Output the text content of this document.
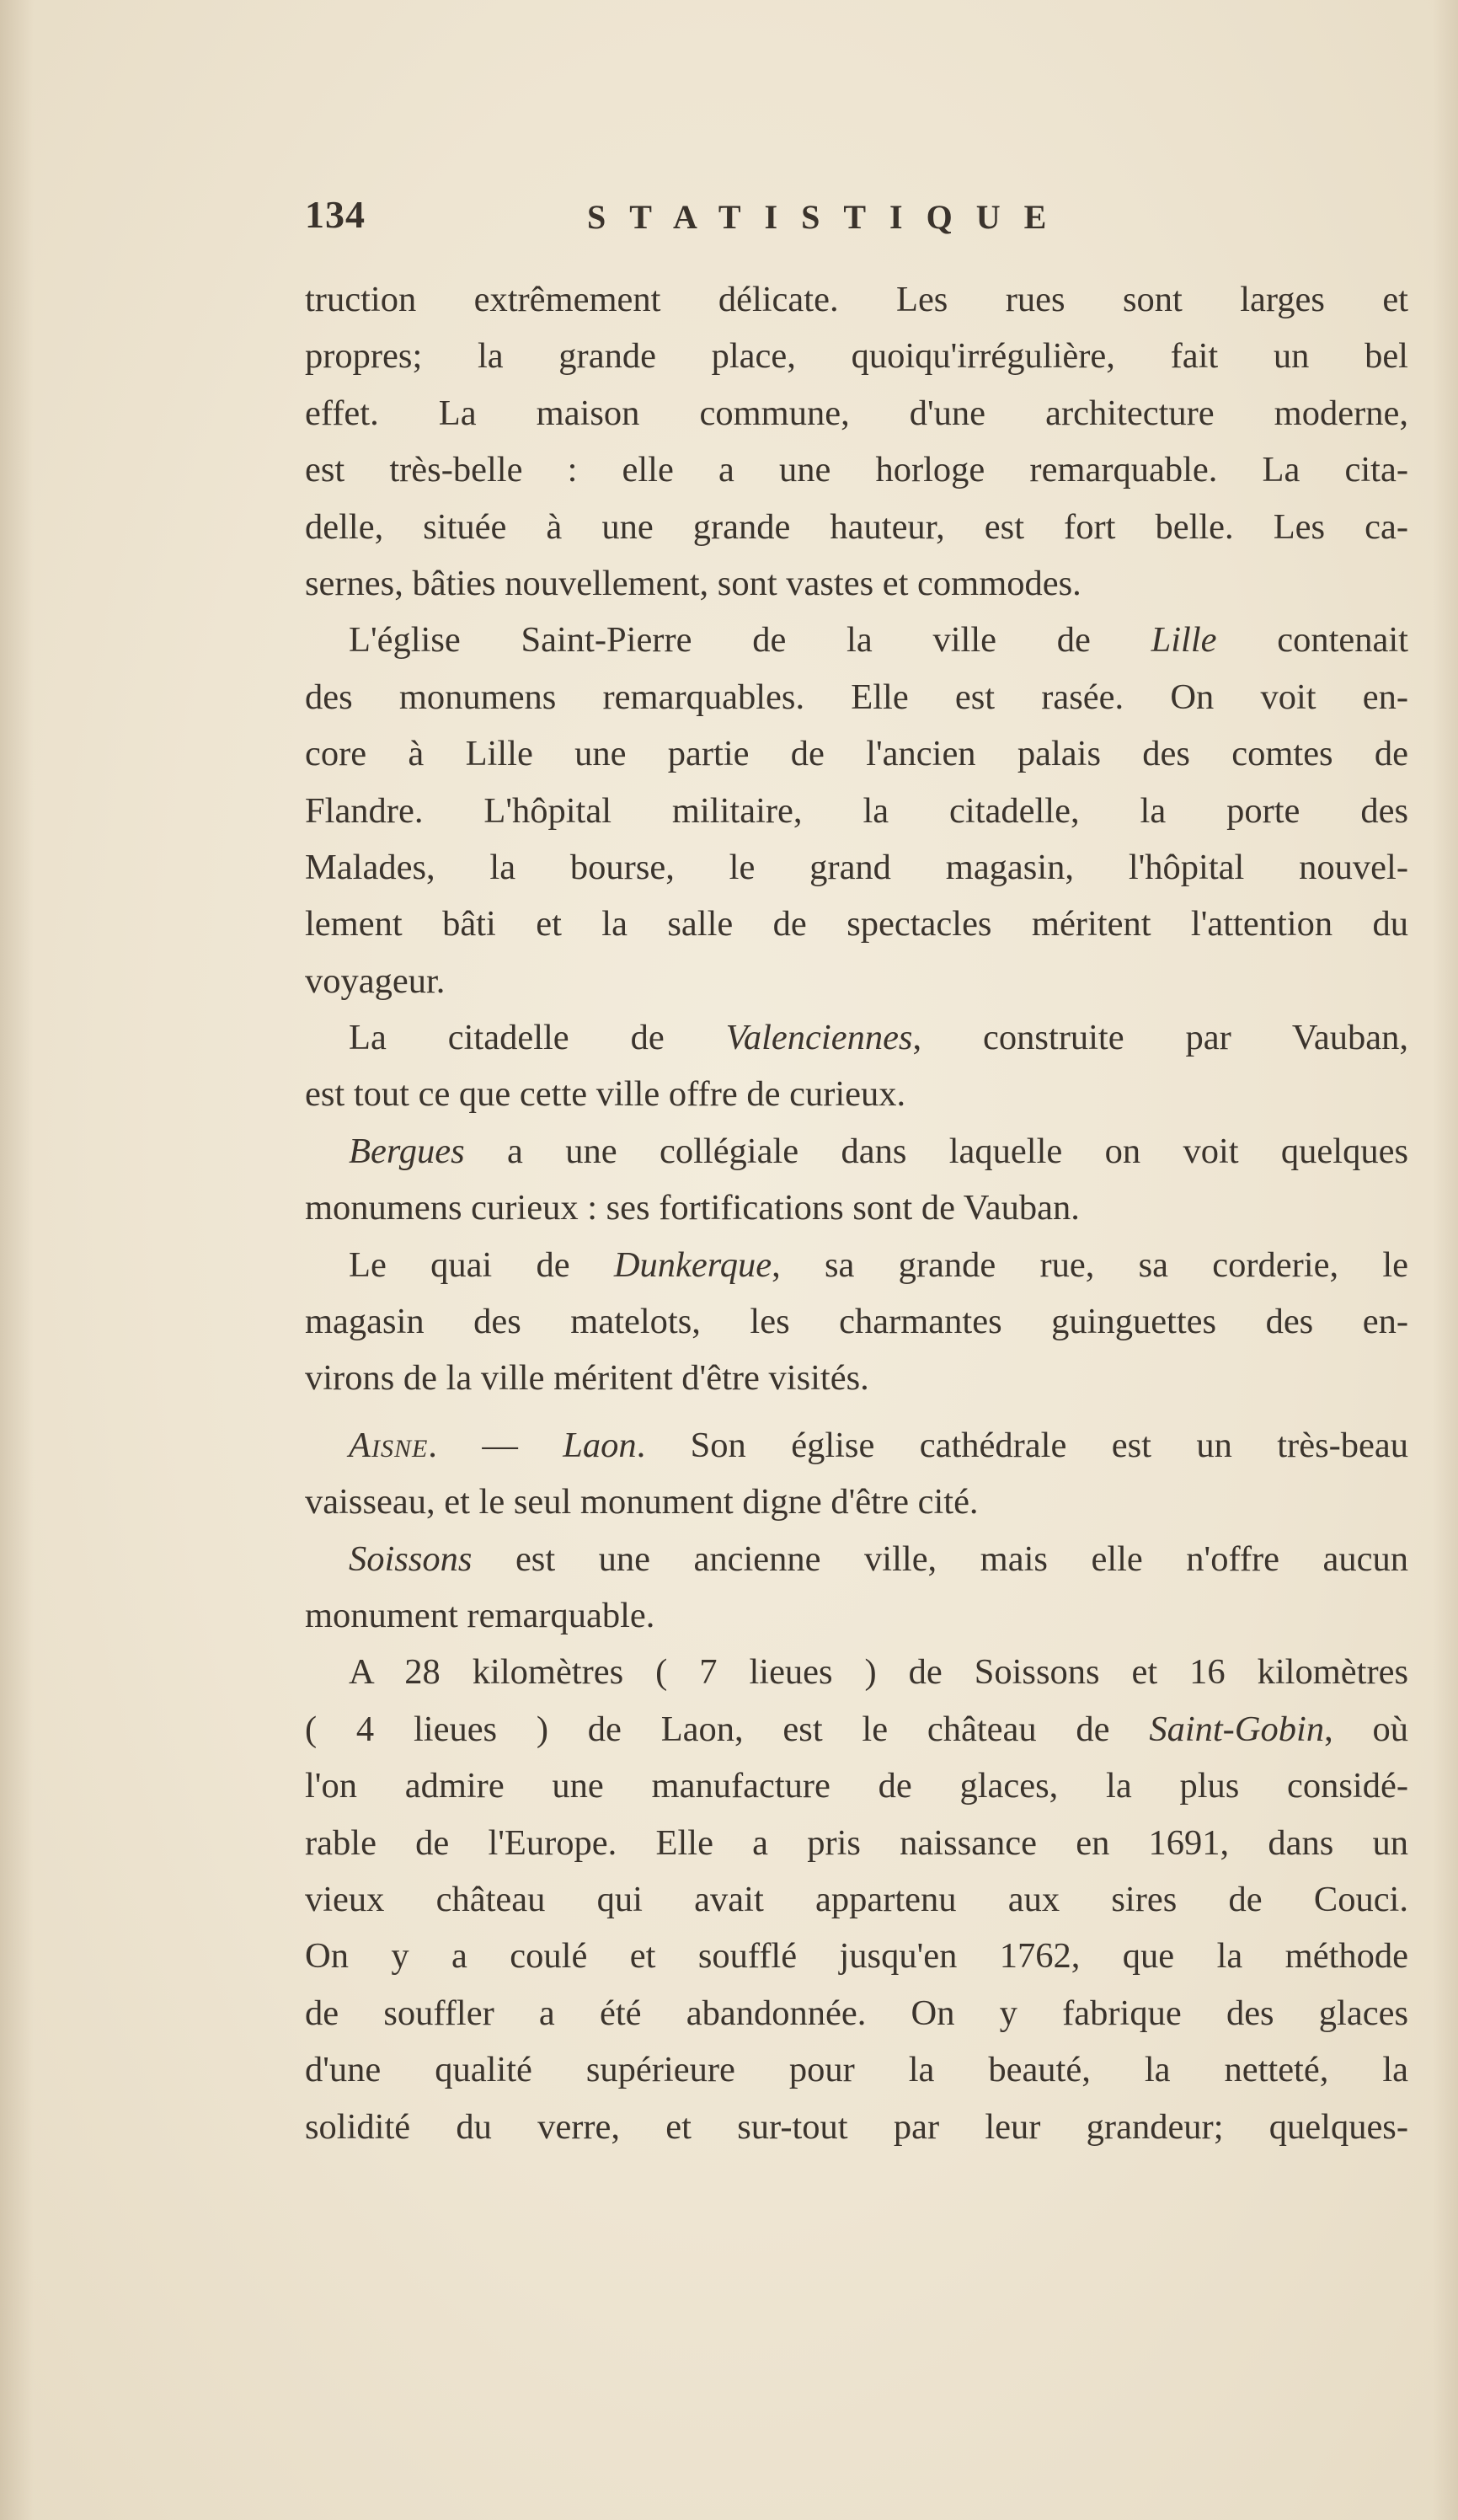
134	STATISTIQUE
truction extrêmement délicate. Les rues sont larges et
propres; la grande place, quoiqu'irrégulière, fait un bel
effet. La maison commune, d'une architecture moderne,
est très-belle : elle a une horloge remarquable. La cita-
delle, située à une grande hauteur, est fort belle. Les ca-
sernes, bâties nouvellement, sont vastes et commodes.
L'église Saint-Pierre de la ville de Lille contenait
des monumens remarquables. Elle est rasée. On voit en-
core à Lille une partie de l'ancien palais des comtes de
Flandre. L'hôpital militaire, la citadelle, la porte des
Malades, la bourse, le grand magasin, l'hôpital nouvel-
lement bâti et la salle de spectacles méritent l'attention du
voyageur.
La citadelle de Valenciennes, construite par Vauban,
est tout ce que cette ville offre de curieux.
Bergues a une collégiale dans laquelle on voit quelques
monumens curieux : ses fortifications sont de Vauban.
Le quai de Dunkerque, sa grande rue, sa corderie, le
magasin des matelots, les charmantes guinguettes des en-
virons de la ville méritent d'être visités.
Aisne. — Laon. Son église cathédrale est un très-beau
vaisseau, et le seul monument digne d'être cité.
Soissons est une ancienne ville, mais elle n'offre aucun
monument remarquable.
A 28 kilomètres ( 7 lieues ) de Soissons et 16 kilomètres
( 4 lieues ) de Laon, est le château de Saint-Gobin, où
l'on admire une manufacture de glaces, la plus considé-
rable de l'Europe. Elle a pris naissance en 1691, dans un
vieux château qui avait appartenu aux sires de Couci.
On y a coulé et soufflé jusqu'en 1762, que la méthode
de souffler a été abandonnée. On y fabrique des glaces
d'une qualité supérieure pour la beauté, la netteté, la
solidité du verre, et sur-tout par leur grandeur; quelques-
